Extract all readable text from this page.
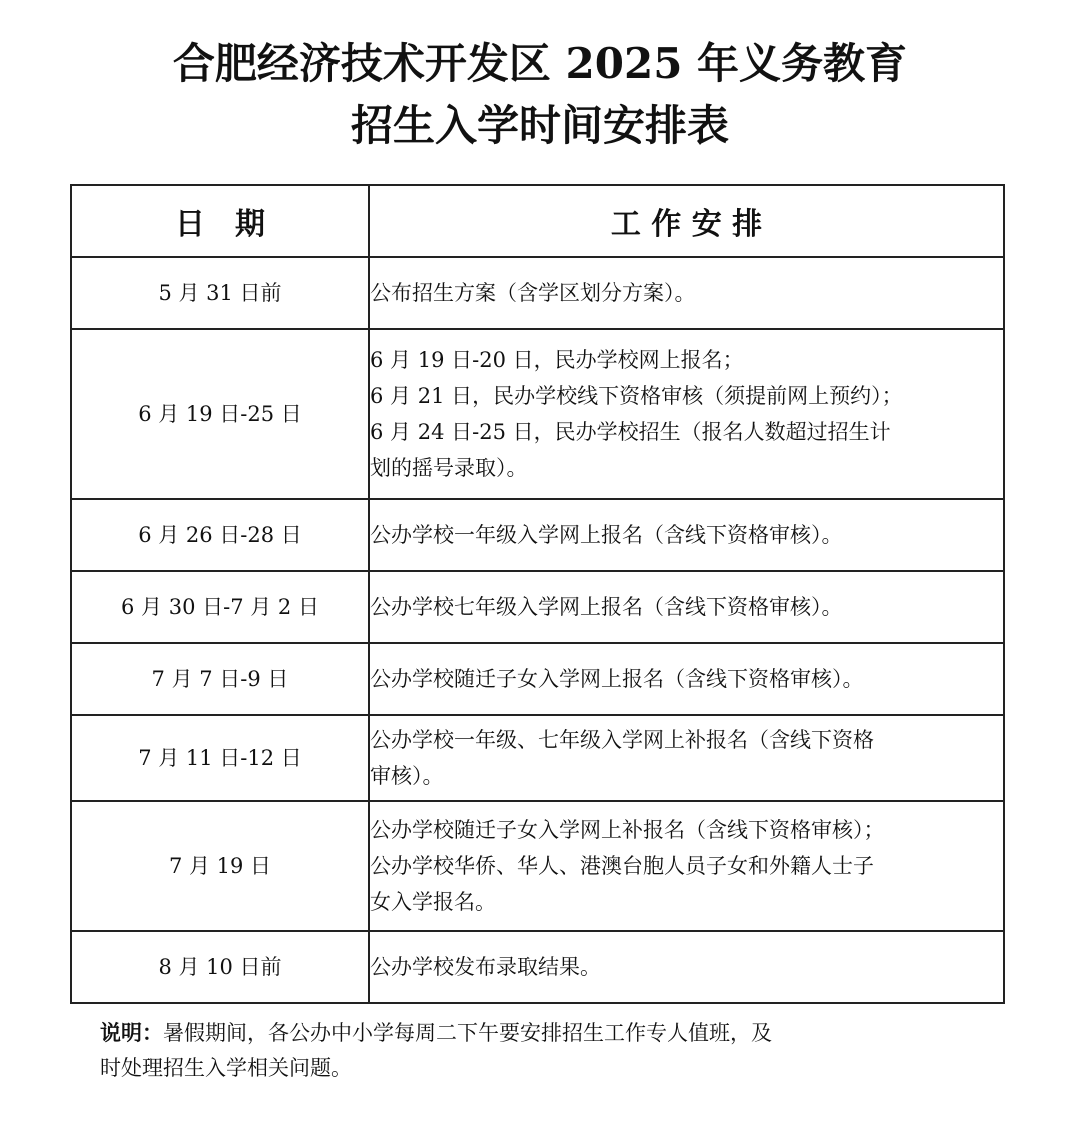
合肥经济技术开发区 2025 年义务教育
招生入学时间安排表
日　期	工 作 安 排
5 月 31 日前	公布招生方案（含学区划分方案）。

6 月 19 日-25 日	6 月 19 日-20 日，民办学校网上报名；
6 月 21 日，民办学校线下资格审核（须提前网上预约）；
6 月 24 日-25 日，民办学校招生（报名人数超过招生计
划的摇号录取）。

6 月 26 日-28 日	公办学校一年级入学网上报名（含线下资格审核）。

6 月 30 日-7 月 2 日	公办学校七年级入学网上报名（含线下资格审核）。

7 月 7 日-9 日	公办学校随迁子女入学网上报名（含线下资格审核）。

7 月 11 日-12 日	公办学校一年级、七年级入学网上补报名（含线下资格
审核）。

7 月 19 日	公办学校随迁子女入学网上补报名（含线下资格审核）；
公办学校华侨、华人、港澳台胞人员子女和外籍人士子
女入学报名。

8 月 10 日前	公办学校发布录取结果。
说明：暑假期间，各公办中小学每周二下午要安排招生工作专人值班，及
时处理招生入学相关问题。
